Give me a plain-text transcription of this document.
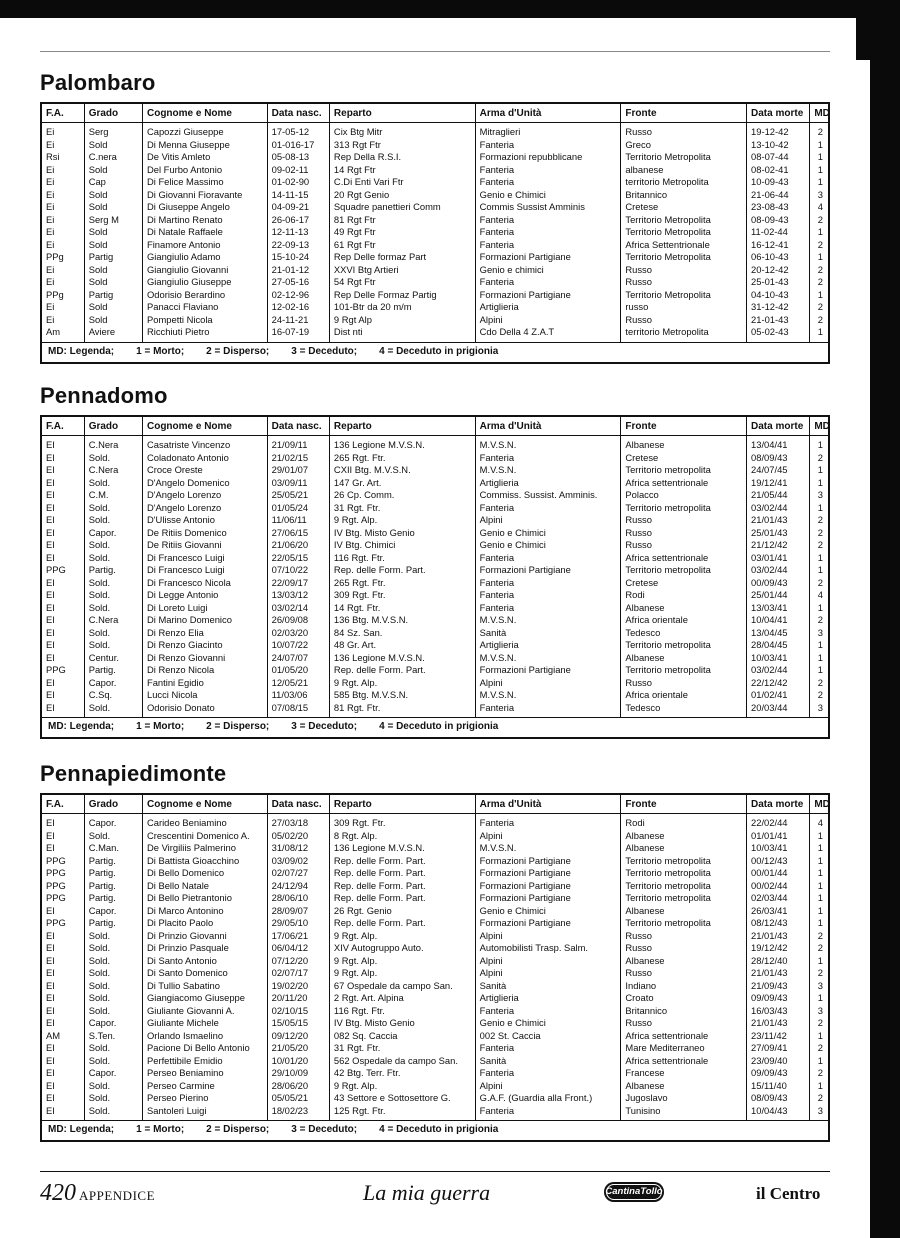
Palombaro
F.A.	Grado	Cognome e Nome	Data nasc.	Reparto	Arma d'Unità	Fronte	Data morte	MD
Ei	Serg	Capozzi Giuseppe	17-05-12	Cix Btg Mitr	Mitraglieri	Russo	19-12-42	2
Ei	Sold	Di Menna Giuseppe	01-016-17	313 Rgt Ftr	Fanteria	Greco	13-10-42	1
Rsi	C.nera	De Vitis Amleto	05-08-13	Rep Della R.S.I.	Formazioni repubblicane	Territorio Metropolita	08-07-44	1
Ei	Sold	Del Furbo Antonio	09-02-11	14 Rgt Ftr	Fanteria	albanese	08-02-41	1
Ei	Cap	Di Felice Massimo	01-02-90	C.Di Enti Vari Ftr	Fanteria	territorio Metropolita	10-09-43	1
Ei	Sold	Di Giovanni Fioravante	14-11-15	20 Rgt Genio	Genio e Chimici	Britannico	21-06-44	3
Ei	Sold	Di Giuseppe Angelo	04-09-21	Squadre panettieri Comm	Commis Sussist Amminis	Cretese	23-08-43	4
Ei	Serg M	Di Martino Renato	26-06-17	81 Rgt Ftr	Fanteria	Territorio Metropolita	08-09-43	2
Ei	Sold	Di Natale Raffaele	12-11-13	49 Rgt Ftr	Fanteria	Territorio Metropolita	11-02-44	1
Ei	Sold	Finamore Antonio	22-09-13	61 Rgt Ftr	Fanteria	Africa Settentrionale	16-12-41	2
PPg	Partig	Giangiulio Adamo	15-10-24	Rep Delle formaz Part	Formazioni Partigiane	Territorio Metropolita	06-10-43	1
Ei	Sold	Giangiulio Giovanni	21-01-12	XXVI Btg Artieri	Genio e chimici	Russo	20-12-42	2
Ei	Sold	Giangiulio Giuseppe	27-05-16	54 Rgt Ftr	Fanteria	Russo	25-01-43	2
PPg	Partig	Odorisio Berardino	02-12-96	Rep Delle Formaz Partig	Formazioni Partigiane	Territorio Metropolita	04-10-43	1
Ei	Sold	Panacci Flaviano	12-02-16	101-Btr da 20 m/m	Artiglieria	russo	31-12-42	2
Ei	Sold	Pompetti Nicola	24-11-21	9 Rgt Alp	Alpini	Russo	21-01-43	2
Am	Aviere	Ricchiuti Pietro	16-07-19	Dist nti	Cdo Della 4 Z.A.T	territorio Metropolita	05-02-43	1
MD: Legenda; 1 = Morto; 2 = Disperso; 3 = Deceduto; 4 = Deceduto in prigionia
Pennadomo
F.A.	Grado	Cognome e Nome	Data nasc.	Reparto	Arma d'Unità	Fronte	Data morte	MD
EI	C.Nera	Casatriste Vincenzo	21/09/11	136 Legione M.V.S.N.	M.V.S.N.	Albanese	13/04/41	1
EI	Sold.	Coladonato Antonio	21/02/15	265 Rgt. Ftr.	Fanteria	Cretese	08/09/43	2
EI	C.Nera	Croce Oreste	29/01/07	CXII Btg. M.V.S.N.	M.V.S.N.	Territorio metropolita	24/07/45	1
EI	Sold.	D'Angelo Domenico	03/09/11	147 Gr. Art.	Artiglieria	Africa settentrionale	19/12/41	1
EI	C.M.	D'Angelo Lorenzo	25/05/21	26 Cp. Comm.	Commiss. Sussist. Amminis.	Polacco	21/05/44	3
EI	Sold.	D'Angelo Lorenzo	01/05/24	31 Rgt. Ftr.	Fanteria	Territorio metropolita	03/02/44	1
EI	Sold.	D'Ulisse Antonio	11/06/11	9 Rgt. Alp.	Alpini	Russo	21/01/43	2
EI	Capor.	De Ritiis Domenico	27/06/15	IV Btg. Misto Genio	Genio e Chimici	Russo	25/01/43	2
EI	Sold.	De Ritiis Giovanni	21/06/20	IV Btg. Chimici	Genio e Chimici	Russo	21/12/42	2
EI	Sold.	Di Francesco Luigi	22/05/15	116 Rgt. Ftr.	Fanteria	Africa settentrionale	03/01/41	1
PPG	Partig.	Di Francesco Luigi	07/10/22	Rep. delle Form. Part.	Formazioni Partigiane	Territorio metropolita	03/02/44	1
EI	Sold.	Di Francesco Nicola	22/09/17	265 Rgt. Ftr.	Fanteria	Cretese	00/09/43	2
EI	Sold.	Di Legge Antonio	13/03/12	309 Rgt. Ftr.	Fanteria	Rodi	25/01/44	4
EI	Sold.	Di Loreto Luigi	03/02/14	14 Rgt. Ftr.	Fanteria	Albanese	13/03/41	1
EI	C.Nera	Di Marino Domenico	26/09/08	136 Btg. M.V.S.N.	M.V.S.N.	Africa orientale	10/04/41	2
EI	Sold.	Di Renzo Elia	02/03/20	84 Sz. San.	Sanità	Tedesco	13/04/45	3
EI	Sold.	Di Renzo Giacinto	10/07/22	48 Gr. Art.	Artiglieria	Territorio metropolita	28/04/45	1
EI	Centur.	Di Renzo Giovanni	24/07/07	136 Legione M.V.S.N.	M.V.S.N.	Albanese	10/03/41	1
PPG	Partig.	Di Renzo Nicola	01/05/20	Rep. delle Form. Part.	Formazioni Partigiane	Territorio metropolita	03/02/44	1
EI	Capor.	Fantini Egidio	12/05/21	9 Rgt. Alp.	Alpini	Russo	22/12/42	2
EI	C.Sq.	Lucci Nicola	11/03/06	585 Btg. M.V.S.N.	M.V.S.N.	Africa orientale	01/02/41	2
EI	Sold.	Odorisio Donato	07/08/15	81 Rgt. Ftr.	Fanteria	Tedesco	20/03/44	3
MD: Legenda; 1 = Morto; 2 = Disperso; 3 = Deceduto; 4 = Deceduto in prigionia
Pennapiedimonte
F.A.	Grado	Cognome e Nome	Data nasc.	Reparto	Arma d'Unità	Fronte	Data morte	MD
EI	Capor.	Carideo Beniamino	27/03/18	309 Rgt. Ftr.	Fanteria	Rodi	22/02/44	4
EI	Sold.	Crescentini Domenico A.	05/02/20	8 Rgt. Alp.	Alpini	Albanese	01/01/41	1
EI	C.Man.	De Virgiliis Palmerino	31/08/12	136 Legione M.V.S.N.	M.V.S.N.	Albanese	10/03/41	1
PPG	Partig.	Di Battista Gioacchino	03/09/02	Rep. delle Form. Part.	Formazioni Partigiane	Territorio metropolita	00/12/43	1
PPG	Partig.	Di Bello Domenico	02/07/27	Rep. delle Form. Part.	Formazioni Partigiane	Territorio metropolita	00/01/44	1
PPG	Partig.	Di Bello Natale	24/12/94	Rep. delle Form. Part.	Formazioni Partigiane	Territorio metropolita	00/02/44	1
PPG	Partig.	Di Bello Pietrantonio	28/06/10	Rep. delle Form. Part.	Formazioni Partigiane	Territorio metropolita	02/03/44	1
EI	Capor.	Di Marco Antonino	28/09/07	26 Rgt. Genio	Genio e Chimici	Albanese	26/03/41	1
PPG	Partig.	Di Placito Paolo	29/05/10	Rep. delle Form. Part.	Formazioni Partigiane	Territorio metropolita	08/12/43	1
EI	Sold.	Di Prinzio Giovanni	17/06/21	9 Rgt. Alp.	Alpini	Russo	21/01/43	2
EI	Sold.	Di Prinzio Pasquale	06/04/12	XIV Autogruppo Auto.	Automobilisti Trasp. Salm.	Russo	19/12/42	2
EI	Sold.	Di Santo Antonio	07/12/20	9 Rgt. Alp.	Alpini	Albanese	28/12/40	1
EI	Sold.	Di Santo Domenico	02/07/17	9 Rgt. Alp.	Alpini	Russo	21/01/43	2
EI	Sold.	Di Tullio Sabatino	19/02/20	67 Ospedale da campo San.	Sanità	Indiano	21/09/43	3
EI	Sold.	Giangiacomo Giuseppe	20/11/20	2 Rgt. Art. Alpina	Artiglieria	Croato	09/09/43	1
EI	Sold.	Giuliante Giovanni A.	02/10/15	116 Rgt. Ftr.	Fanteria	Britannico	16/03/43	3
EI	Capor.	Giuliante Michele	15/05/15	IV Btg. Misto Genio	Genio e Chimici	Russo	21/01/43	2
AM	S.Ten.	Orlando Ismaelino	09/12/20	082 Sq. Caccia	002 St. Caccia	Africa settentrionale	23/11/42	1
EI	Sold.	Pacione Di Bello Antonio	21/05/20	31 Rgt. Ftr.	Fanteria	Mare Mediterraneo	27/09/41	2
EI	Sold.	Perfettibile Emidio	10/01/20	562 Ospedale da campo San.	Sanità	Africa settentrionale	23/09/40	1
EI	Capor.	Perseo Beniamino	29/10/09	42 Btg. Terr. Ftr.	Fanteria	Francese	09/09/43	2
EI	Sold.	Perseo Carmine	28/06/20	9 Rgt. Alp.	Alpini	Albanese	15/11/40	1
EI	Sold.	Perseo Pierino	05/05/21	43 Settore e Sottosettore G.	G.A.F. (Guardia alla Front.)	Jugoslavo	08/09/43	2
EI	Sold.	Santoleri Luigi	18/02/23	125 Rgt. Ftr.	Fanteria	Tunisino	10/04/43	3
MD: Legenda; 1 = Morto; 2 = Disperso; 3 = Deceduto; 4 = Deceduto in prigionia
420 APPENDICE	La mia guerra	CantinaTollo	il Centro
